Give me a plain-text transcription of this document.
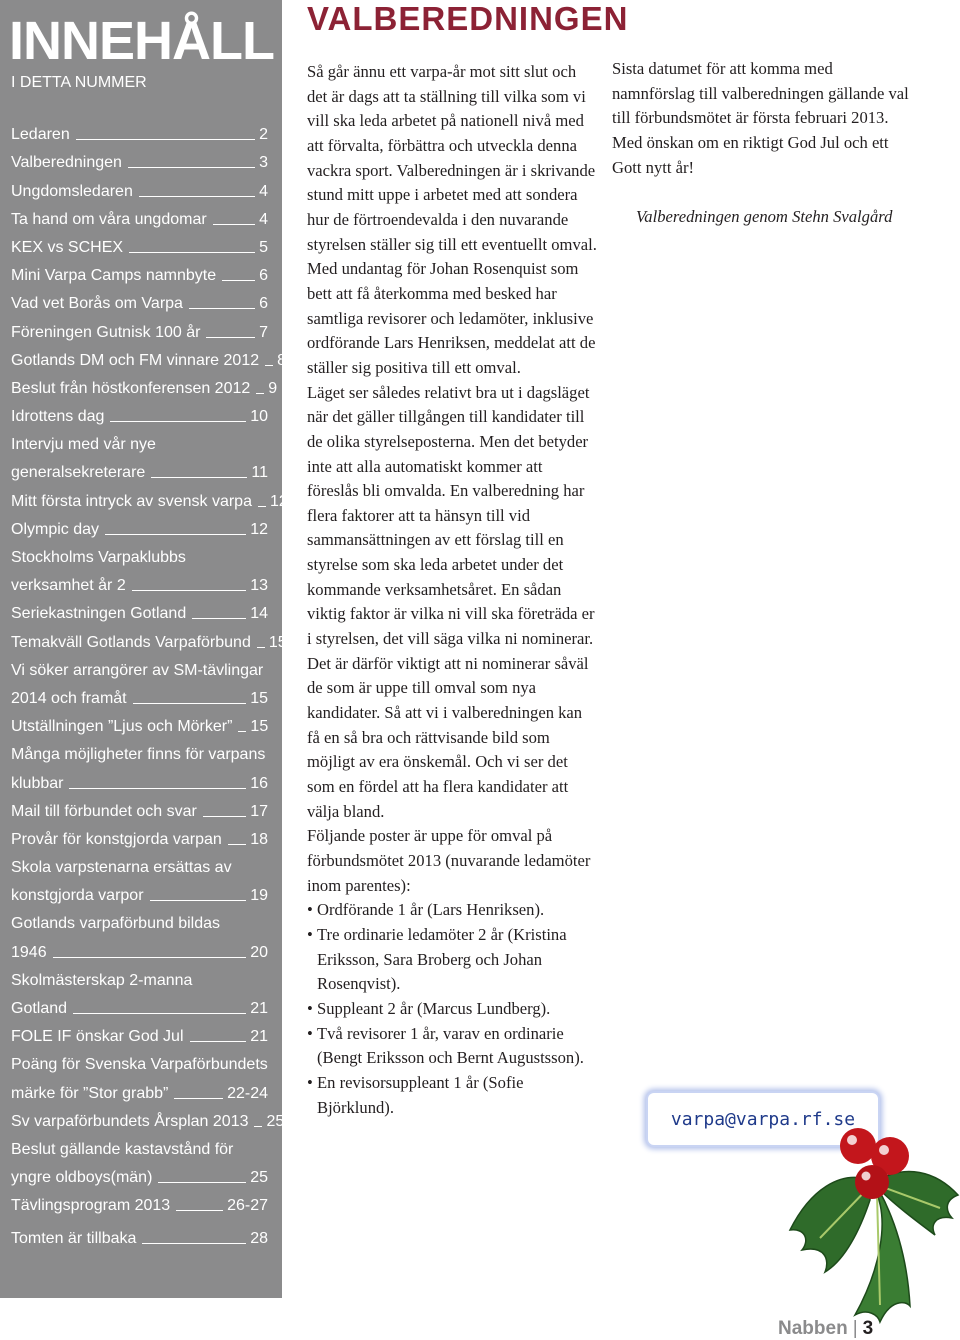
INNEHÅLL
I DETTA NUMMER
Ledaren	2
Valberedningen	3
Ungdomsledaren	4
Ta hand om våra ungdomar	4
KEX vs SCHEX	5
Mini Varpa Camps namnbyte	6
Vad vet Borås om Varpa	6
Föreningen Gutnisk 100 år	7
Gotlands DM och FM vinnare 2012 8
Beslut från höstkonferensen 2012 9
Idrottens dag	10
Intervju med vår nye
generalsekreterare	11
Mitt första intryck av svensk varpa 12
Olympic day	12
Stockholms Varpaklubbs
verksamhet år 2	13
Seriekastningen Gotland	14
Temakväll Gotlands Varpaförbund 15
Vi söker arrangörer av SM-tävlingar
2014 och framåt	15
Utställningen ”Ljus och Mörker” 15
Många möjligheter finns för varpans
klubbar	16
Mail till förbundet och svar	17
Provår för konstgjorda varpan 18
Skola varpstenarna ersättas av
konstgjorda varpor	19
Gotlands varpaförbund bildas
1946	20
Skolmästerskap 2-manna
Gotland	21
FOLE IF önskar God Jul	21
Poäng för Svenska Varpaförbundets
märke för ”Stor grabb”	22-24
Sv varpaförbundets Årsplan 2013 25
Beslut gällande kastavstånd för
yngre oldboys(män)	25
Tävlingsprogram 2013	26-27
Tomten är tillbaka	28
VALBEREDNINGEN

Så går ännu ett varpa-år mot sitt slut och det är dags att ta ställning till vilka som vi vill ska leda arbetet på nationell nivå med att förvalta, förbättra och utveckla denna vackra sport. Valberedningen är i skrivande stund mitt uppe i arbetet med att sondera hur de förtroendevalda i den nuvarande styrelsen ställer sig till ett eventuellt omval.

Med undantag för Johan Rosenquist som bett att få återkomma med besked har samtliga revisorer och ledamöter, inklusive ordförande Lars Henriksen, meddelat att de ställer sig positiva till ett omval.

Läget ser således relativt bra ut i dagsläget när det gäller tillgången till kandidater till de olika styrelseposterna. Men det betyder inte att alla automatiskt kommer att föreslås bli omvalda. En valberedning har flera faktorer att ta hänsyn till vid sammansättningen av ett förslag till en styrelse som ska leda arbetet under det kommande verksamhetsåret. En sådan viktig faktor är vilka ni vill ska företräda er i styrelsen, det vill säga vilka ni nominerar. Det är därför viktigt att ni nominerar såväl de som är uppe till omval som nya kandidater. Så att vi i valberedningen kan få en så bra och rättvisande bild som möjligt av era önskemål. Och vi ser det som en fördel att ha flera kandidater att välja bland.

Följande poster är uppe för omval på förbundsmötet 2013 (nuvarande ledamöter inom parentes):

• Ordförande 1 år (Lars Henriksen).
• Tre ordinarie ledamöter 2 år (Kristina Eriksson, Sara Broberg och Johan Rosenqvist).
• Suppleant 2 år (Marcus Lundberg).
• Två revisorer 1 år, varav en ordinarie (Bengt Eriksson och Bernt Augustsson).
• En revisorsuppleant 1 år (Sofie Björklund).

Sista datumet för att komma med namnförslag till valberedningen gällande val till förbundsmötet är första februari 2013.

Med önskan om en riktigt God Jul och ett Gott nytt år!

Valberedningen genom Stehn Svalgård

varpa@varpa.rf.se
Nabben | 3
